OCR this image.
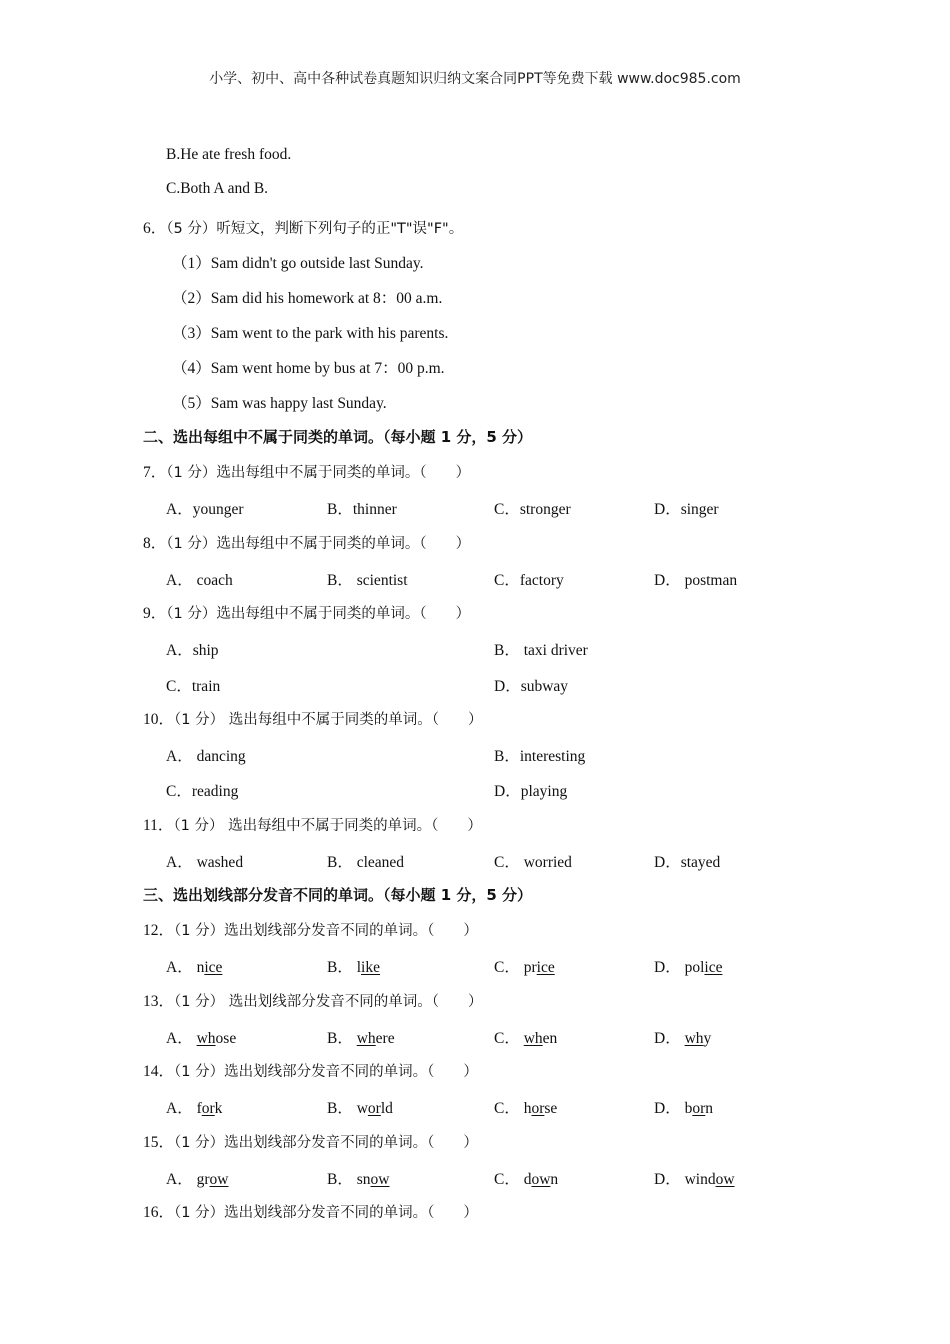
小学、初中、高中各种试卷真题知识归纳文案合同PPT等免费下载 www.doc985.com
B.He ate fresh food.
C.Both A and B.
6．（5 分）听短文，判断下列句子的正"T"误"F"。
（1）Sam didn't go outside last Sunday.
（2）Sam did his homework at 8：00 a.m.
（3）Sam went to the park with his parents.
（4）Sam went home by bus at 7：00 p.m.
（5）Sam was happy last Sunday.
二、选出每组中不属于同类的单词。（每小题 1 分，5 分）
7．（1 分）选出每组中不属于同类的单词。（　　）
A．younger	B．thinner	C．stronger	D．singer
8．（1 分）选出每组中不属于同类的单词。（　　）
A． coach	B． scientist	C．factory	D． postman
9．（1 分）选出每组中不属于同类的单词。（　　）
A．ship	B． taxi driver
C．train	D．subway
10．（1 分） 选出每组中不属于同类的单词。（　　）
A． dancing	B．interesting
C．reading	D．playing
11．（1 分） 选出每组中不属于同类的单词。（　　）
A． washed	B． cleaned	C． worried	D．stayed
三、选出划线部分发音不同的单词。（每小题 1 分，5 分）
12．（1 分）选出划线部分发音不同的单词。（　　）
A． nice	B． like	C． price	D． police
13．（1 分） 选出划线部分发音不同的单词。（　　）
A． whose	B． where	C． when	D． why
14．（1 分）选出划线部分发音不同的单词。（　　）
A． fork	B． world	C． horse	D． born
15．（1 分）选出划线部分发音不同的单词。（　　）
A． grow	B． snow	C． down	D． window
16．（1 分）选出划线部分发音不同的单词。（　　）
